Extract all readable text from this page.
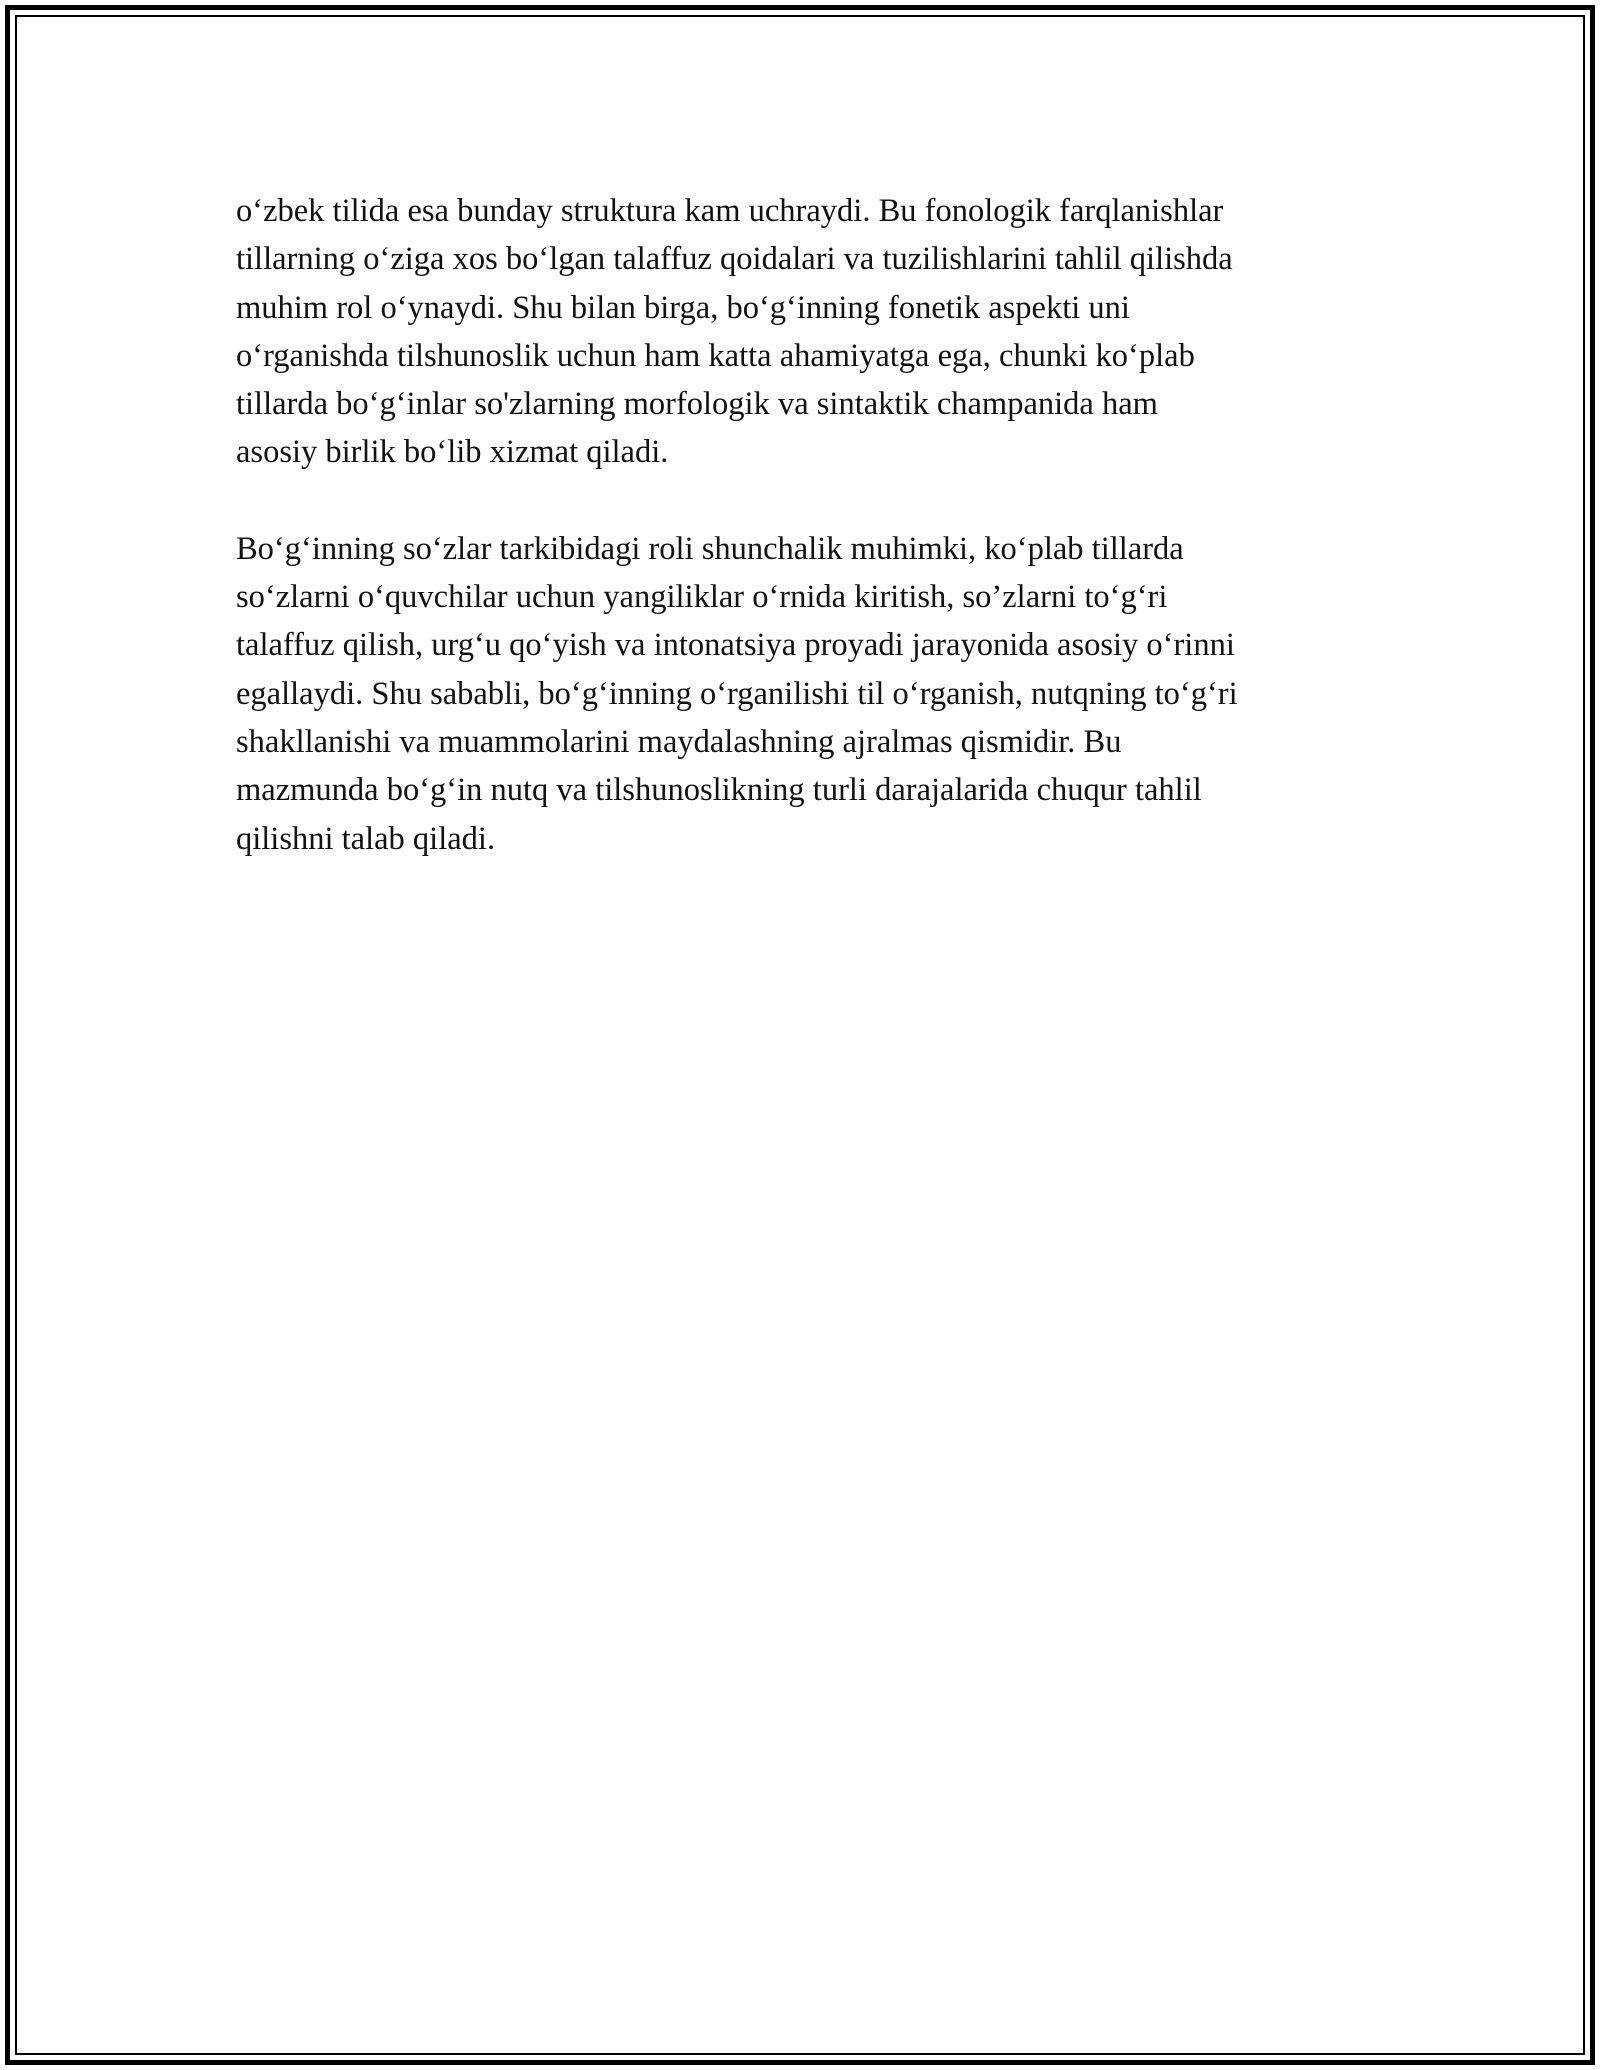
o‘zbek tilida esa bunday struktura kam uchraydi. Bu fonologik farqlanishlar
tillarning o‘ziga xos bo‘lgan talaffuz qoidalari va tuzilishlarini tahlil qilishda
muhim rol o‘ynaydi. Shu bilan birga, bo‘g‘inning fonetik aspekti uni
o‘rganishda tilshunoslik uchun ham katta ahamiyatga ega, chunki ko‘plab
tillarda bo‘g‘inlar so'zlarning morfologik va sintaktik champanida ham
asosiy birlik bo‘lib xizmat qiladi.

Bo‘g‘inning so‘zlar tarkibidagi roli shunchalik muhimki, ko‘plab tillarda
so‘zlarni o‘quvchilar uchun yangiliklar o‘rnida kiritish, so’zlarni to‘g‘ri
talaffuz qilish, urg‘u qo‘yish va intonatsiya proyadi jarayonida asosiy o‘rinni
egallaydi. Shu sababli, bo‘g‘inning o‘rganilishi til o‘rganish, nutqning to‘g‘ri
shakllanishi va muammolarini maydalashning ajralmas qismidir. Bu
mazmunda bo‘g‘in nutq va tilshunoslikning turli darajalarida chuqur tahlil
qilishni talab qiladi.
